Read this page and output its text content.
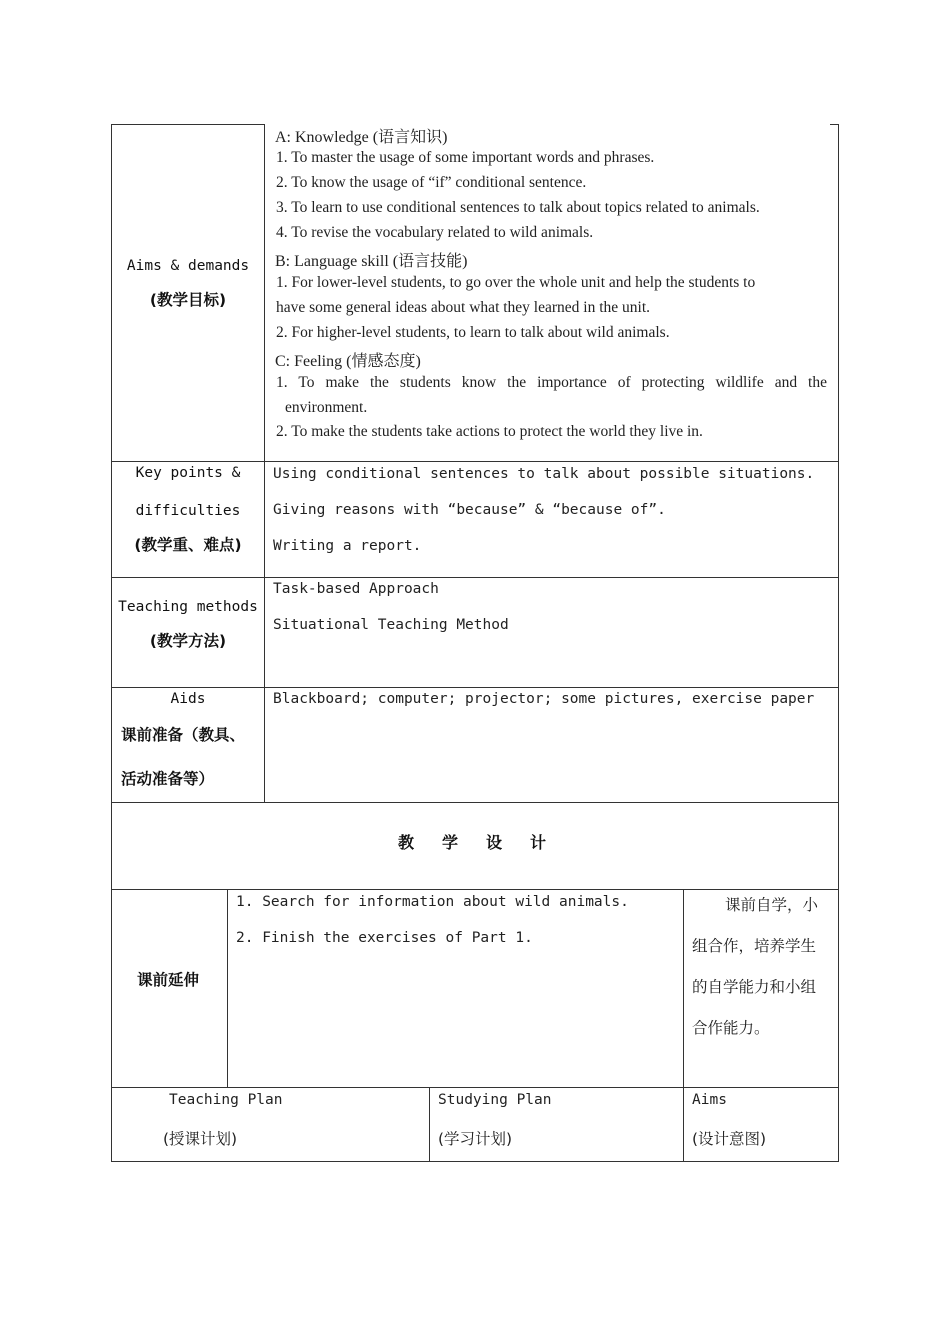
Aims & demands
(教学目标)
A: Knowledge (语言知识)
1. To master the usage of some important words and phrases.
2. To know the usage of “if” conditional sentence.
3. To learn to use conditional sentences to talk about topics related to animals.
4. To revise the vocabulary related to wild animals.
B: Language skill (语言技能)
1. For lower-level students, to go over the whole unit and help the students to
have some general ideas about what they learned in the unit.
2. For higher-level students, to learn to talk about wild animals.
C: Feeling (情感态度)
1. To make the students know the importance of protecting wildlife and the
environment.
2. To make the students take actions to protect the world they live in.
Key points &
difficulties
(教学重、难点)
Using conditional sentences to talk about possible situations.
Giving reasons with “because” & “because of”.
Writing a report.
Teaching methods
(教学方法)
Task-based Approach
Situational Teaching Method
Aids
课前准备（教具、
活动准备等）
Blackboard; computer; projector; some pictures, exercise paper
教　学　设　计
课前延伸
1. Search for information about wild animals.
2. Finish the exercises of Part 1.
课前自学，小
组合作，培养学生
的自学能力和小组
合作能力。
Teaching Plan
(授课计划)
Studying Plan
(学习计划)
Aims
(设计意图)
